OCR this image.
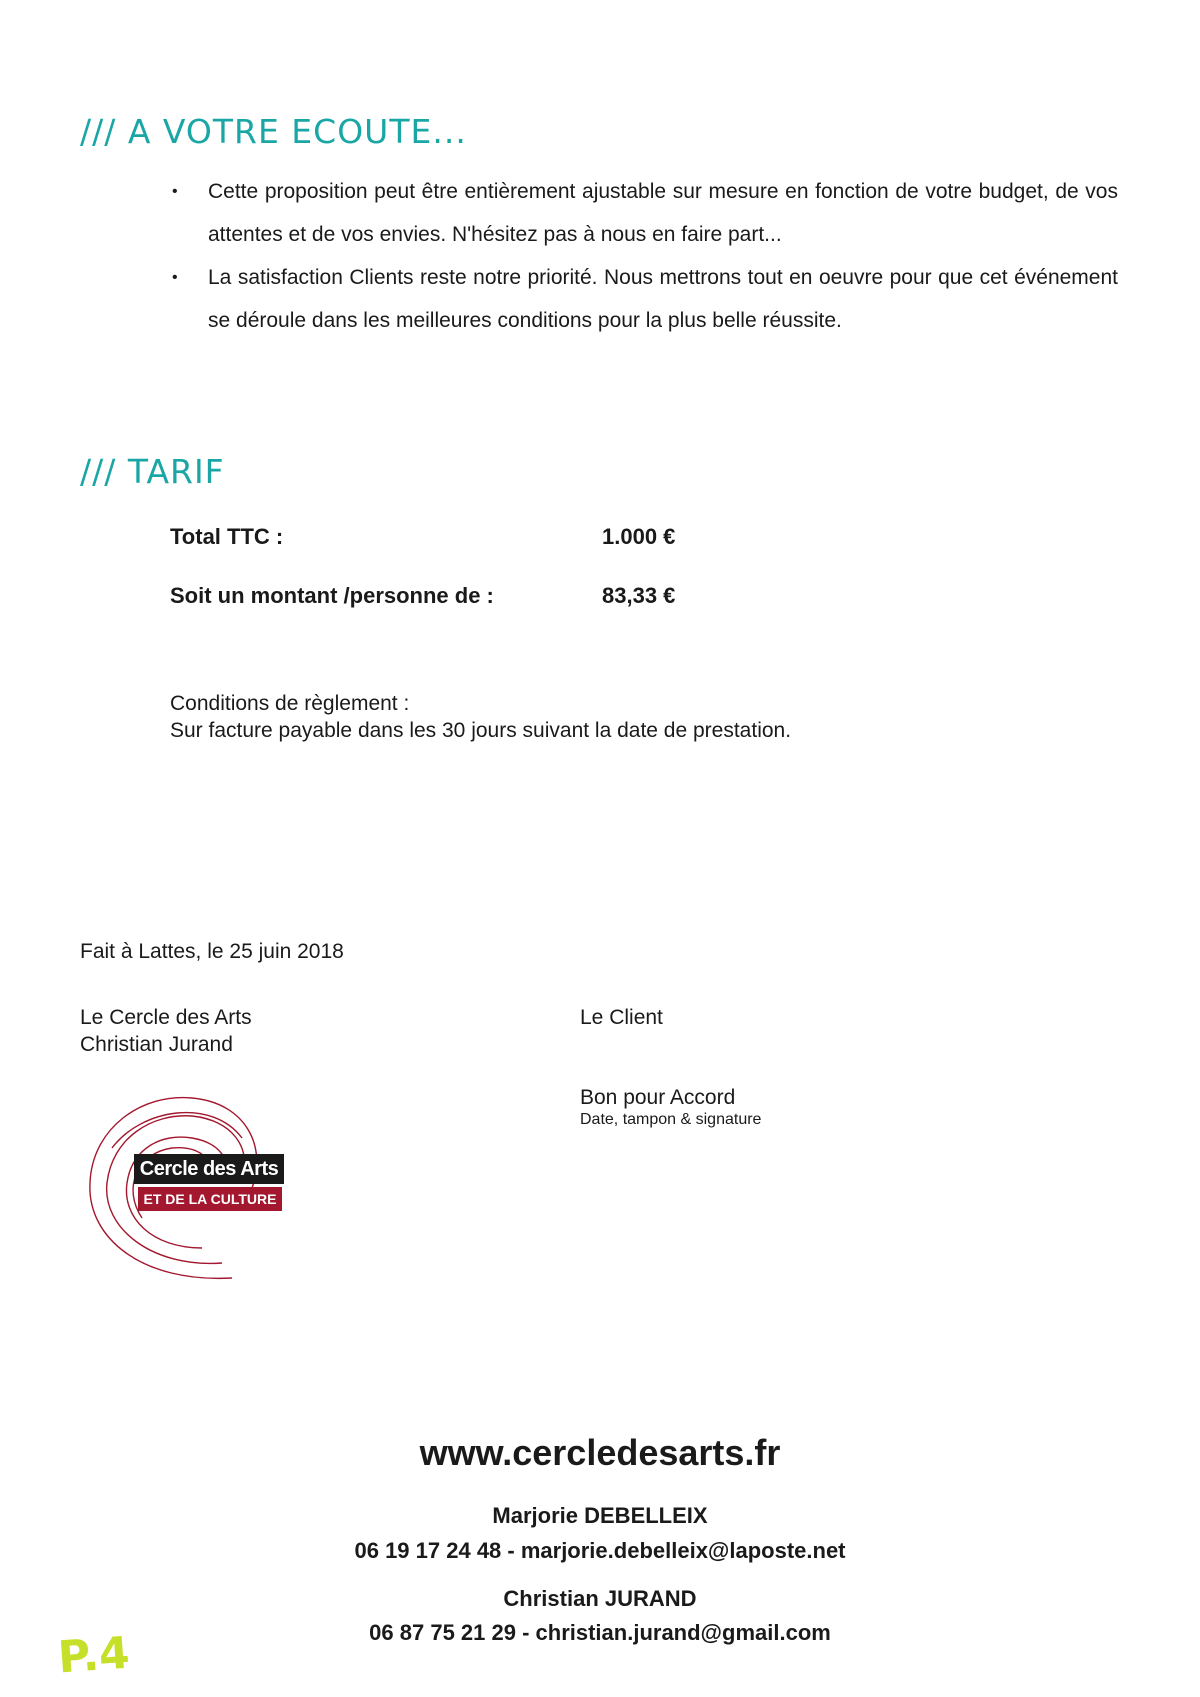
/// A VOTRE ECOUTE...
• Cette proposition peut être entièrement ajustable sur mesure en fonction de votre budget, de vos attentes et de vos envies. N'hésitez pas à nous en faire part...
• La satisfaction Clients reste notre priorité. Nous mettrons tout en oeuvre pour que cet événement se déroule dans les meilleures conditions pour la plus belle réussite.
/// TARIF
Total TTC :	1.000 €
Soit un montant /personne de :	83,33 €
Conditions de règlement :
Sur facture payable dans les 30 jours suivant la date de prestation.
Fait à Lattes, le 25 juin 2018
Le Cercle des Arts
Christian Jurand
Le Client
Bon pour Accord
Date, tampon & signature
Cercle des Arts
ET DE LA CULTURE
www.cercledesarts.fr
Marjorie DEBELLEIX
06 19 17 24 48 - marjorie.debelleix@laposte.net
Christian JURAND
06 87 75 21 29 - christian.jurand@gmail.com
P.4
